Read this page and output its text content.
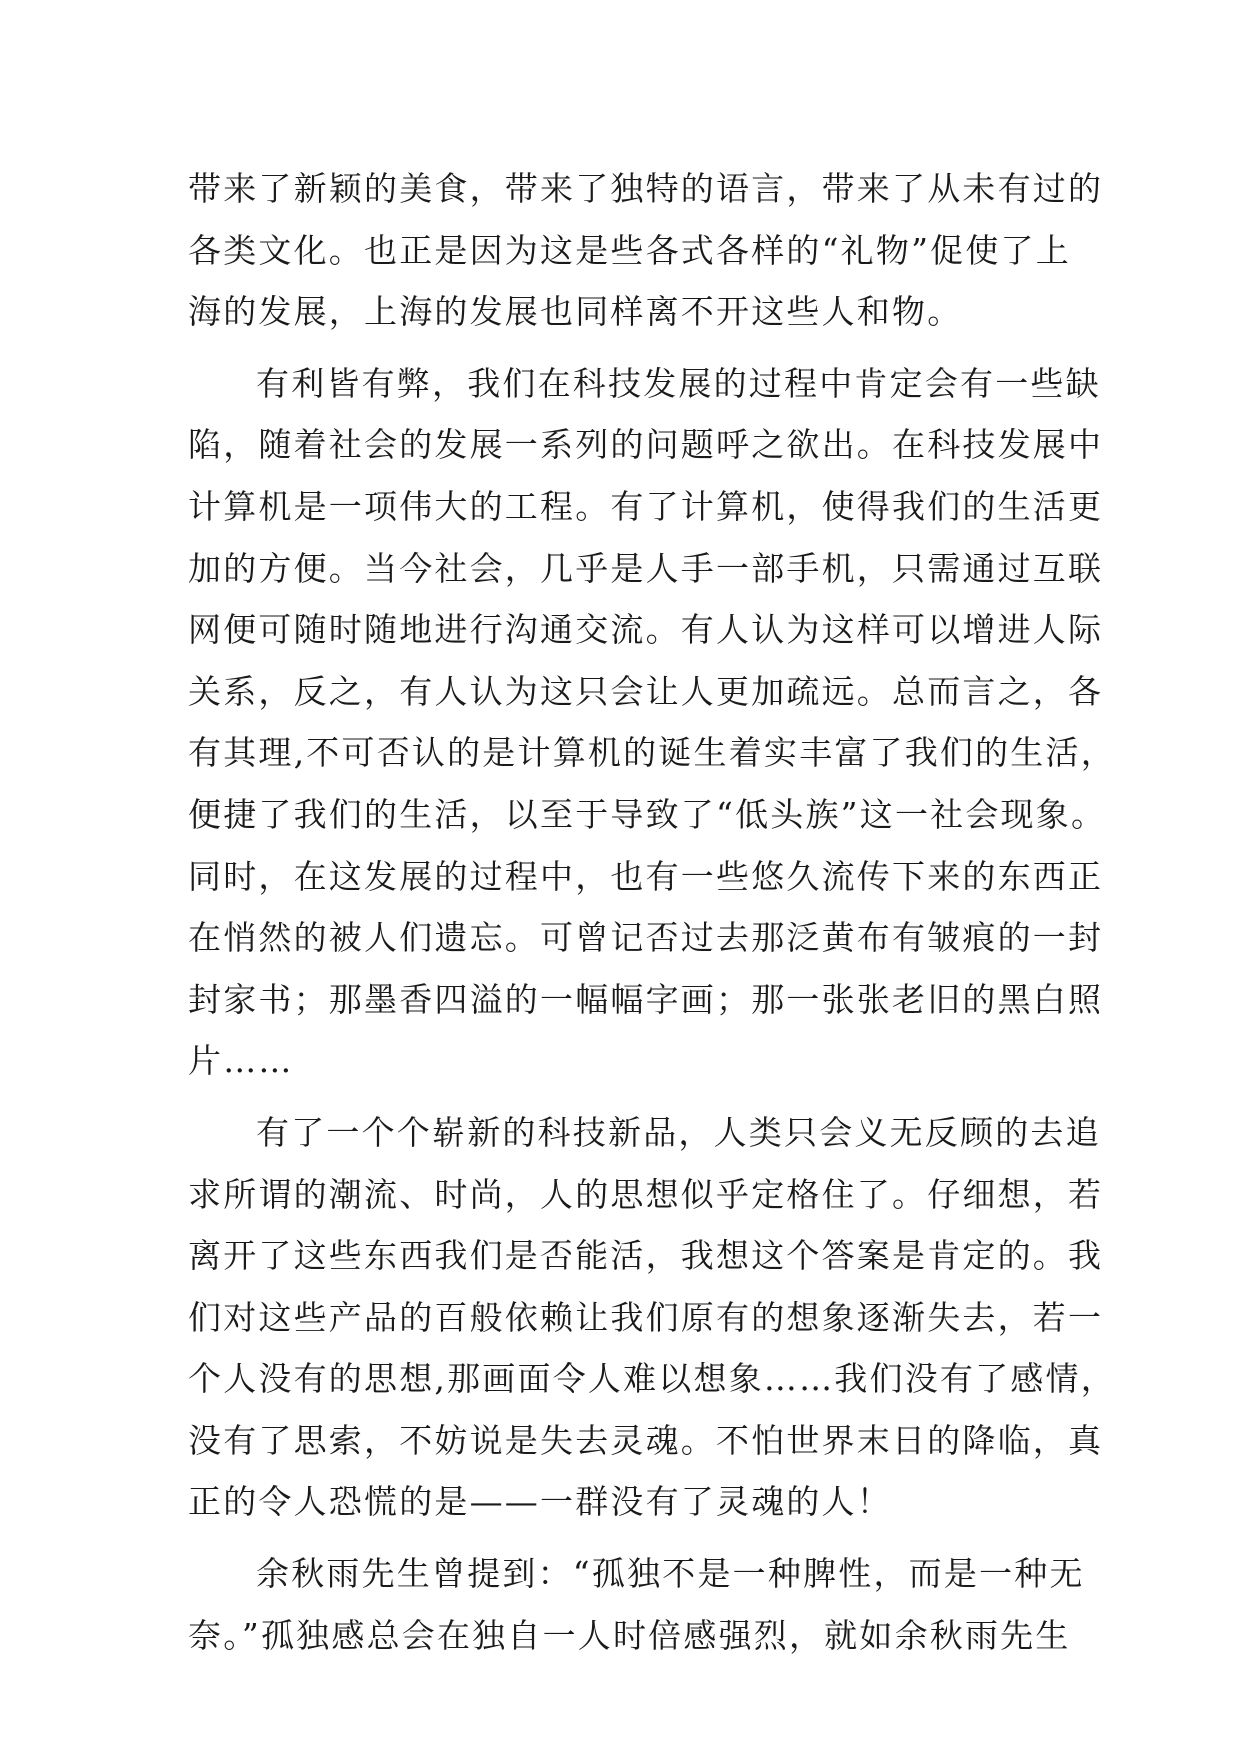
带来了新颖的美食，带来了独特的语言，带来了从未有过的
各类文化。也正是因为这是些各式各样的“礼物”促使了上
海的发展，上海的发展也同样离不开这些人和物。
有利皆有弊，我们在科技发展的过程中肯定会有一些缺
陷，随着社会的发展一系列的问题呼之欲出。在科技发展中
计算机是一项伟大的工程。有了计算机，使得我们的生活更
加的方便。当今社会，几乎是人手一部手机，只需通过互联
网便可随时随地进行沟通交流。有人认为这样可以增进人际
关系，反之，有人认为这只会让人更加疏远。总而言之，各
有其理,不可否认的是计算机的诞生着实丰富了我们的生活，
便捷了我们的生活，以至于导致了“低头族”这一社会现象。
同时，在这发展的过程中，也有一些悠久流传下来的东西正
在悄然的被人们遗忘。可曾记否过去那泛黄布有皱痕的一封
封家书；那墨香四溢的一幅幅字画；那一张张老旧的黑白照
片……
有了一个个崭新的科技新品，人类只会义无反顾的去追
求所谓的潮流、时尚，人的思想似乎定格住了。仔细想，若
离开了这些东西我们是否能活，我想这个答案是肯定的。我
们对这些产品的百般依赖让我们原有的想象逐渐失去，若一
个人没有的思想,那画面令人难以想象……我们没有了感情，
没有了思索，不妨说是失去灵魂。不怕世界末日的降临，真
正的令人恐慌的是——一群没有了灵魂的人！
余秋雨先生曾提到：“孤独不是一种脾性，而是一种无
奈。”孤独感总会在独自一人时倍感强烈，就如余秋雨先生
